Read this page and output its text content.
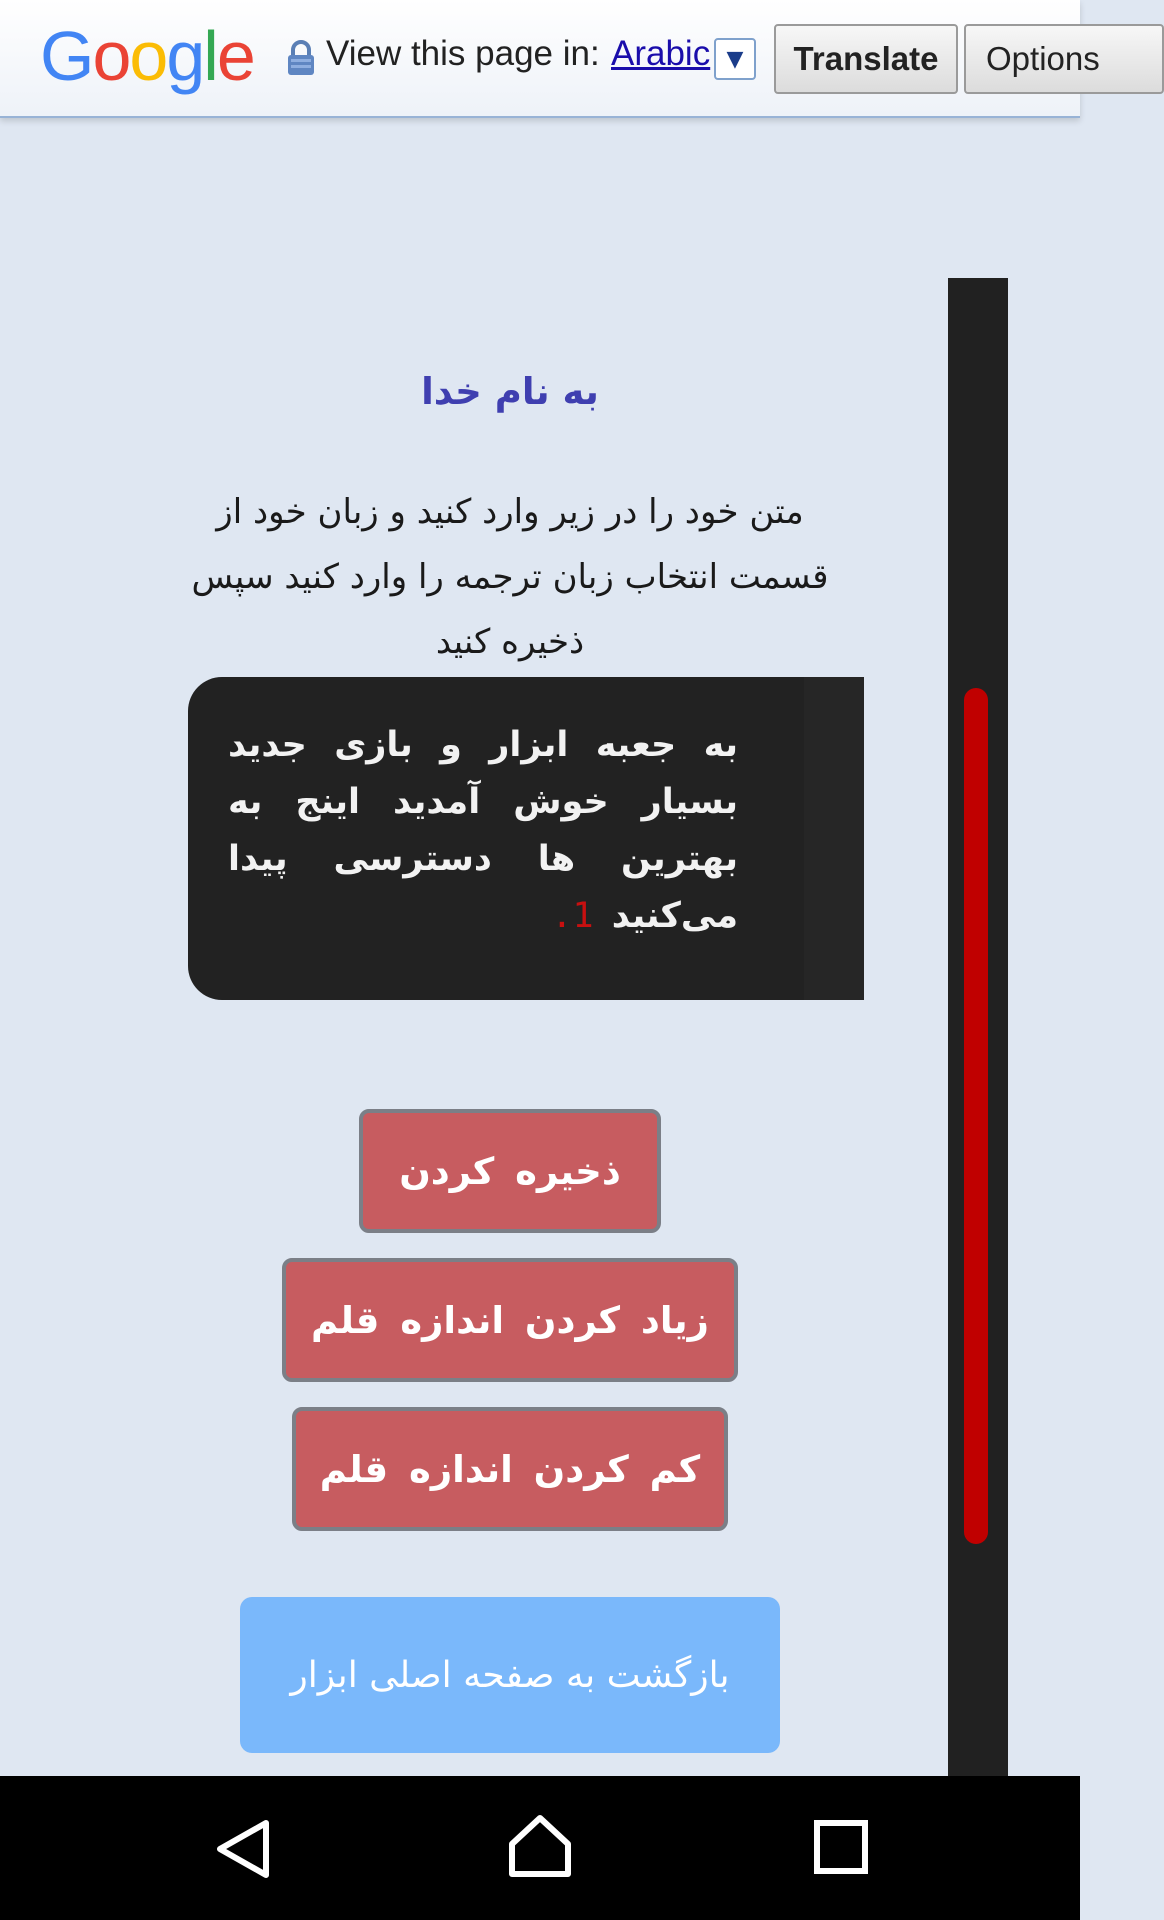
Google View this page in: Arabic ▼	Translate	Options
به نام خدا
متن خود را در زیر وارد کنید و زبان خود از قسمت انتخاب زبان ترجمه را وارد کنید سپس ذخیره کنید
به جعبه ابزار و بازی جدید بسیار خوش آمدید اینج به بهترین ها دسترسی پیدا می‌کنید 1.
ذخیره کردن
زیاد کردن اندازه قلم
کم کردن اندازه قلم
بازگشت به صفحه اصلی ابزار
